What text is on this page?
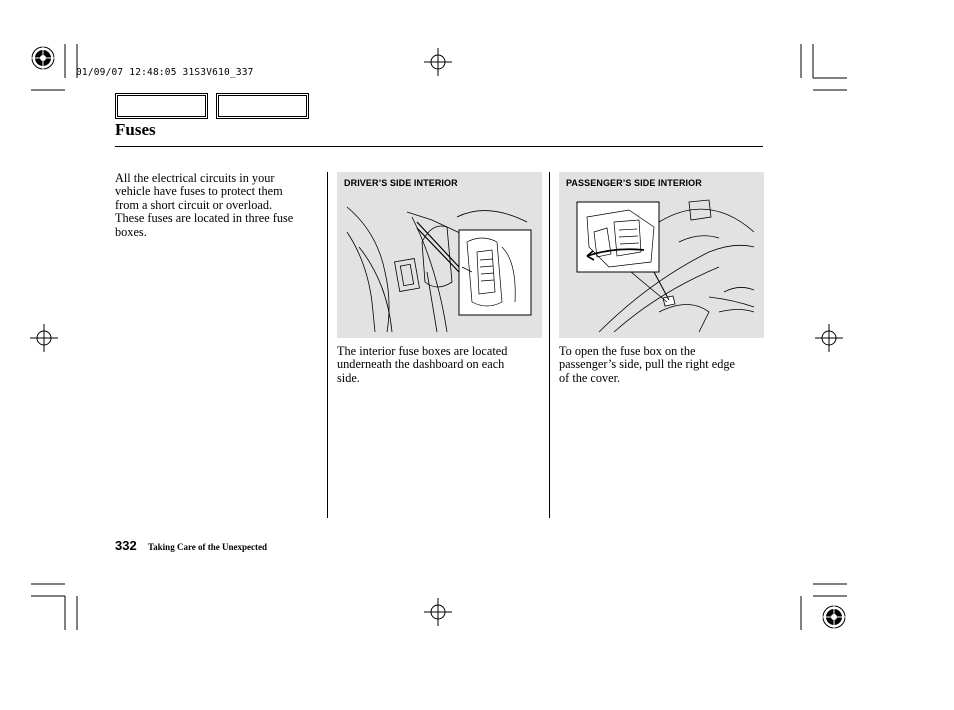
01/09/07 12:48:05 31S3V610_337
Fuses
All the electrical circuits in your
vehicle have fuses to protect them
from a short circuit or overload.
These fuses are located in three fuse
boxes.
DRIVER’S SIDE INTERIOR
The interior fuse boxes are located
underneath the dashboard on each
side.
PASSENGER’S SIDE INTERIOR
To open the fuse box on the
passenger’s side, pull the right edge
of the cover.
332 Taking Care of the Unexpected
